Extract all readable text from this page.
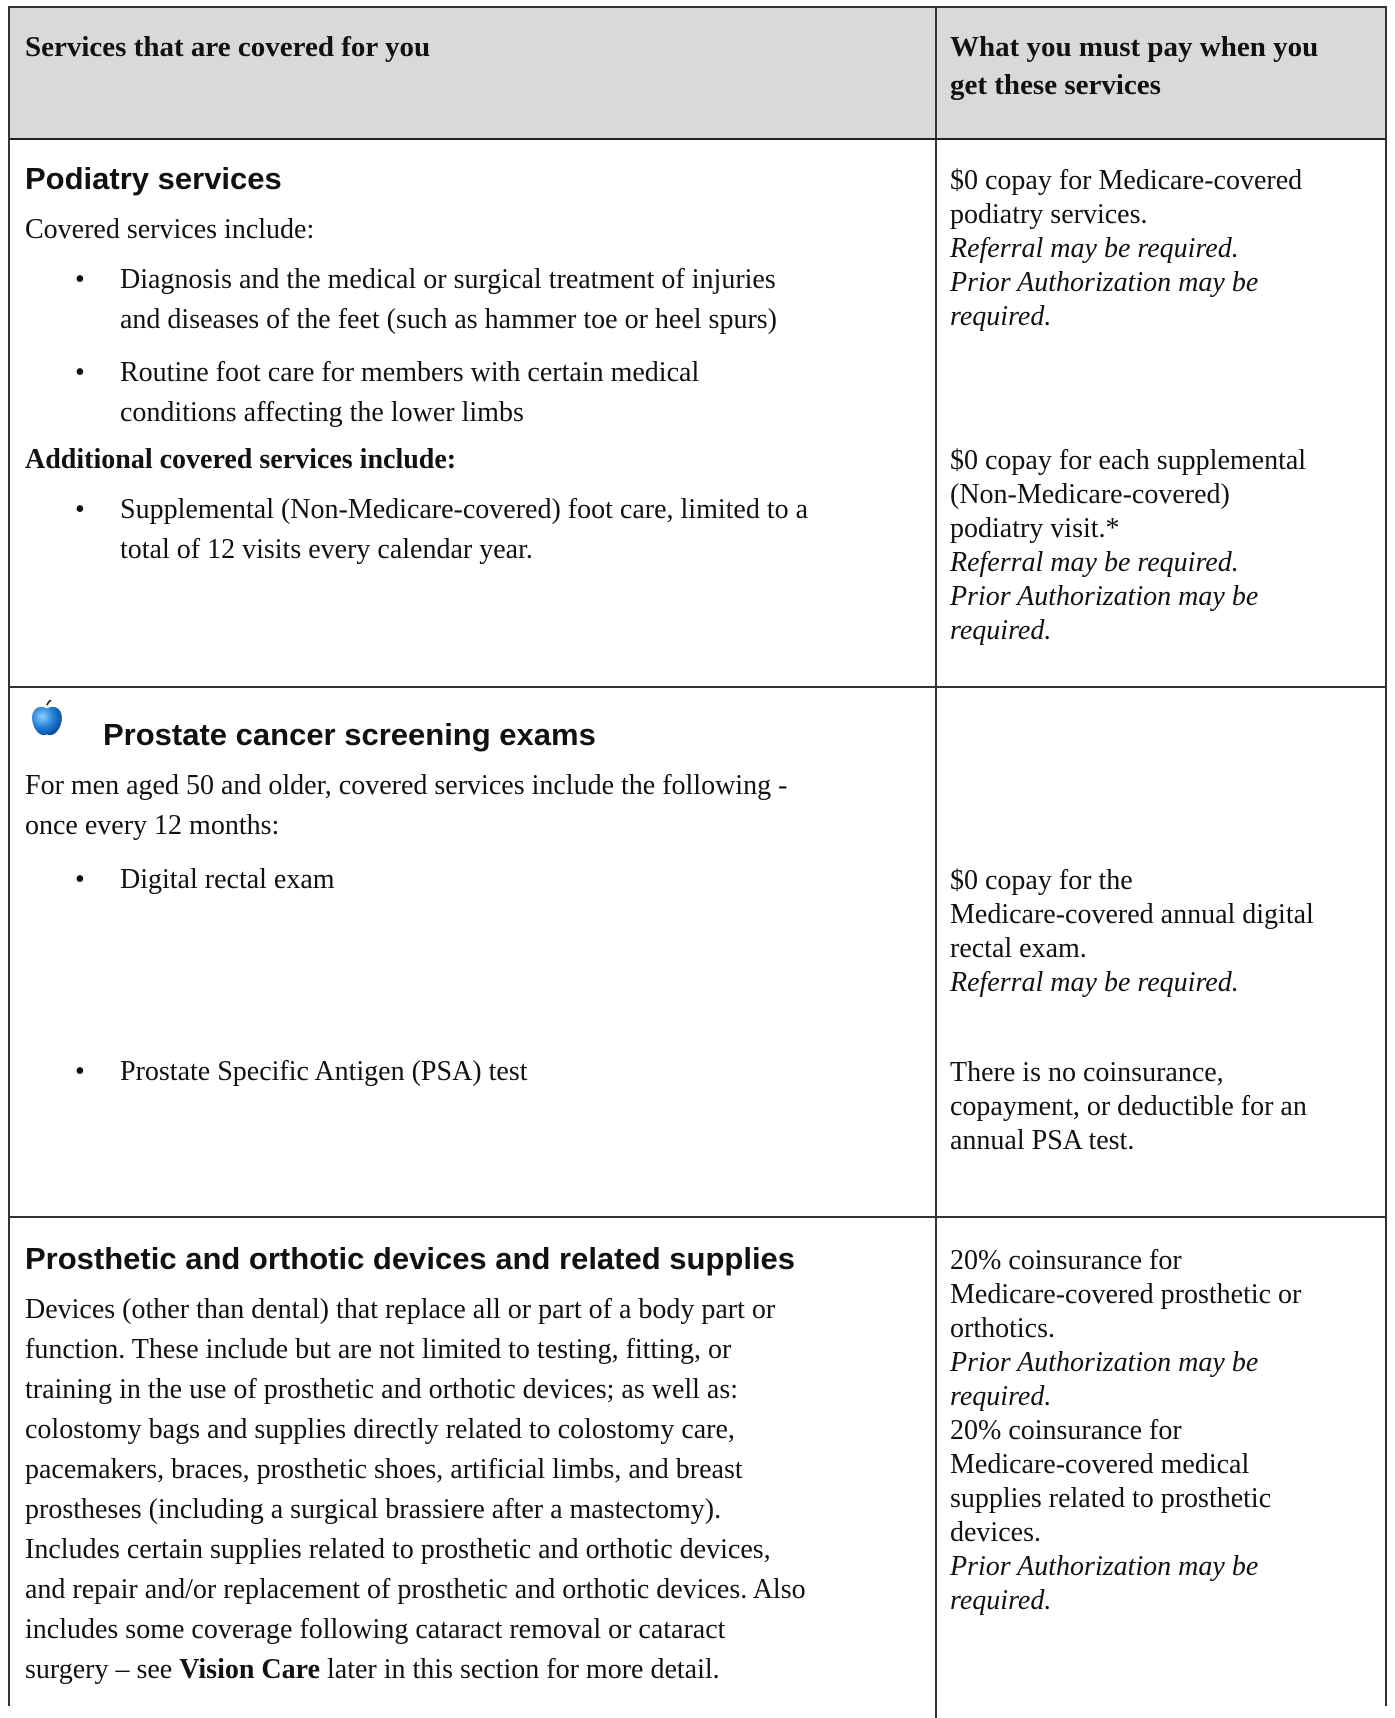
Services that are covered for you	What you must pay when you
get these services
Podiatry services
Covered services include:
• Diagnosis and the medical or surgical treatment of injuries
and diseases of the feet (such as hammer toe or heel spurs)
• Routine foot care for members with certain medical
conditions affecting the lower limbs
Additional covered services include:
• Supplemental (Non-Medicare-covered) foot care, limited to a
total of 12 visits every calendar year.
$0 copay for Medicare-covered
podiatry services.
Referral may be required.
Prior Authorization may be
required.
$0 copay for each supplemental
(Non-Medicare-covered)
podiatry visit.*
Referral may be required.
Prior Authorization may be
required.
Prostate cancer screening exams
For men aged 50 and older, covered services include the following -
once every 12 months:
• Digital rectal exam
• Prostate Specific Antigen (PSA) test
$0 copay for the
Medicare-covered annual digital
rectal exam.
Referral may be required.
There is no coinsurance,
copayment, or deductible for an
annual PSA test.
Prosthetic and orthotic devices and related supplies
Devices (other than dental) that replace all or part of a body part or
function. These include but are not limited to testing, fitting, or
training in the use of prosthetic and orthotic devices; as well as:
colostomy bags and supplies directly related to colostomy care,
pacemakers, braces, prosthetic shoes, artificial limbs, and breast
prostheses (including a surgical brassiere after a mastectomy).
Includes certain supplies related to prosthetic and orthotic devices,
and repair and/or replacement of prosthetic and orthotic devices. Also
includes some coverage following cataract removal or cataract
surgery – see Vision Care later in this section for more detail.
20% coinsurance for
Medicare-covered prosthetic or
orthotics.
Prior Authorization may be
required.
20% coinsurance for
Medicare-covered medical
supplies related to prosthetic
devices.
Prior Authorization may be
required.
